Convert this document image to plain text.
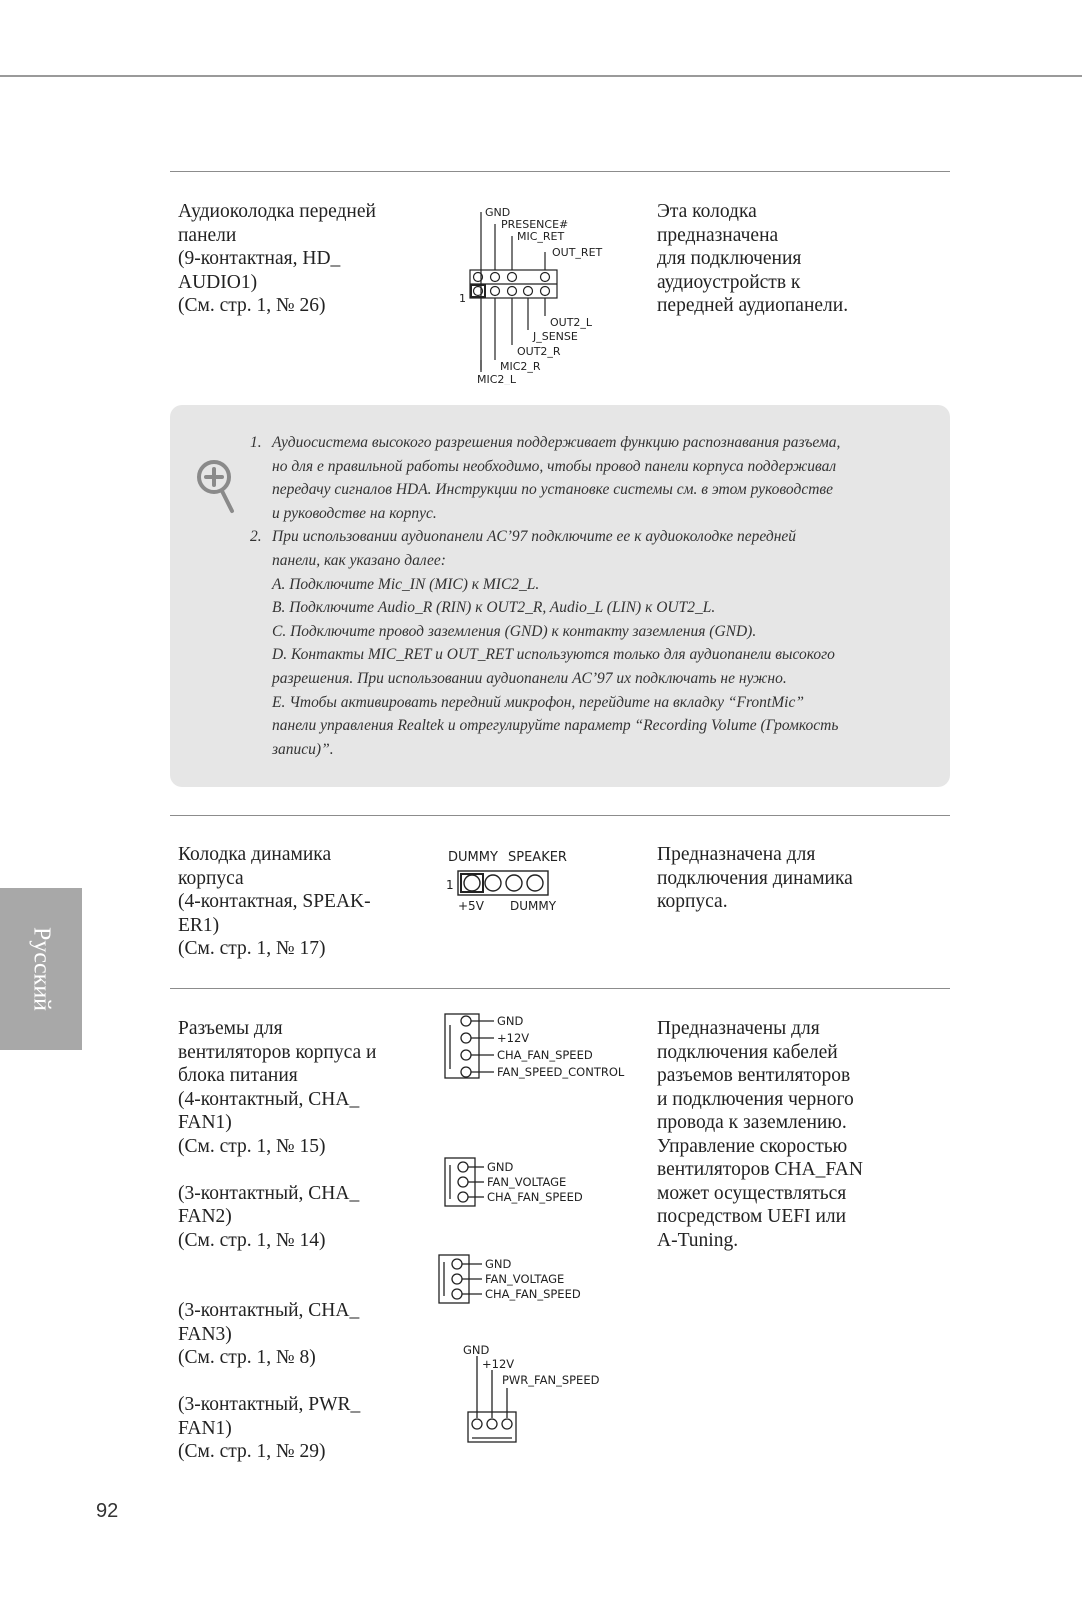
Аудиоколодка передней
панели
(9-контактная, HD_
AUDIO1)
(См. стр. 1, № 26)
GND
PRESENCE#
MIC_RET
OUT_RET
1
OUT2_L
J_SENSE
OUT2_R
MIC2_R
MIC2_L
Эта колодка
предназначена
для подключения
аудиоустройств к
передней аудиопанели.
1. Аудиосистема высокого разрешения поддерживает функцию распознавания разъема,
но для е правильной работы необходимо, чтобы провод панели корпуса поддерживал
передачу сигналов HDA. Инструкции по установке системы см. в этом руководстве
и руководстве на корпус.
2. При использовании аудиопанели AC’97 подключите ее к аудиоколодке передней
панели, как указано далее:
A. Подключите Mic_IN (MIC) к MIC2_L.
B. Подключите Audio_R (RIN) к OUT2_R, Audio_L (LIN) к OUT2_L.
C. Подключите провод заземления (GND) к контакту заземления (GND).
D. Контакты MIC_RET и OUT_RET используются только для аудиопанели высокого
разрешения. При использовании аудиопанели AC’97 их подключать не нужно.
E. Чтобы активировать передний микрофон, перейдите на вкладку “FrontMic”
панели управления Realtek и отрегулируйте параметр “Recording Volume (Громкость
записи)”.
Колодка динамика
корпуса
(4-контактная, SPEAK-
ER1)
(См. стр. 1, № 17)
DUMMY SPEAKER
1
+5V DUMMY
Предназначена для
подключения динамика
корпуса.
Разъемы для
вентиляторов корпуса и
блока питания
(4-контактный, CHA_
FAN1)
(См. стр. 1, № 15)
(3-контактный, CHA_
FAN2)
(См. стр. 1, № 14)
(3-контактный, CHA_
FAN3)
(См. стр. 1, № 8)
(3-контактный, PWR_
FAN1)
(См. стр. 1, № 29)
GND
+12V
CHA_FAN_SPEED
FAN_SPEED_CONTROL
GND
FAN_VOLTAGE
CHA_FAN_SPEED
GND
FAN_VOLTAGE
CHA_FAN_SPEED
GND
+12V
PWR_FAN_SPEED
Предназначены для
подключения кабелей
разъемов вентиляторов
и подключения черного
провода к заземлению.
Управление скоростью
вентиляторов CHA_FAN
может осуществляться
посредством UEFI или
A-Tuning.
Русский
92
